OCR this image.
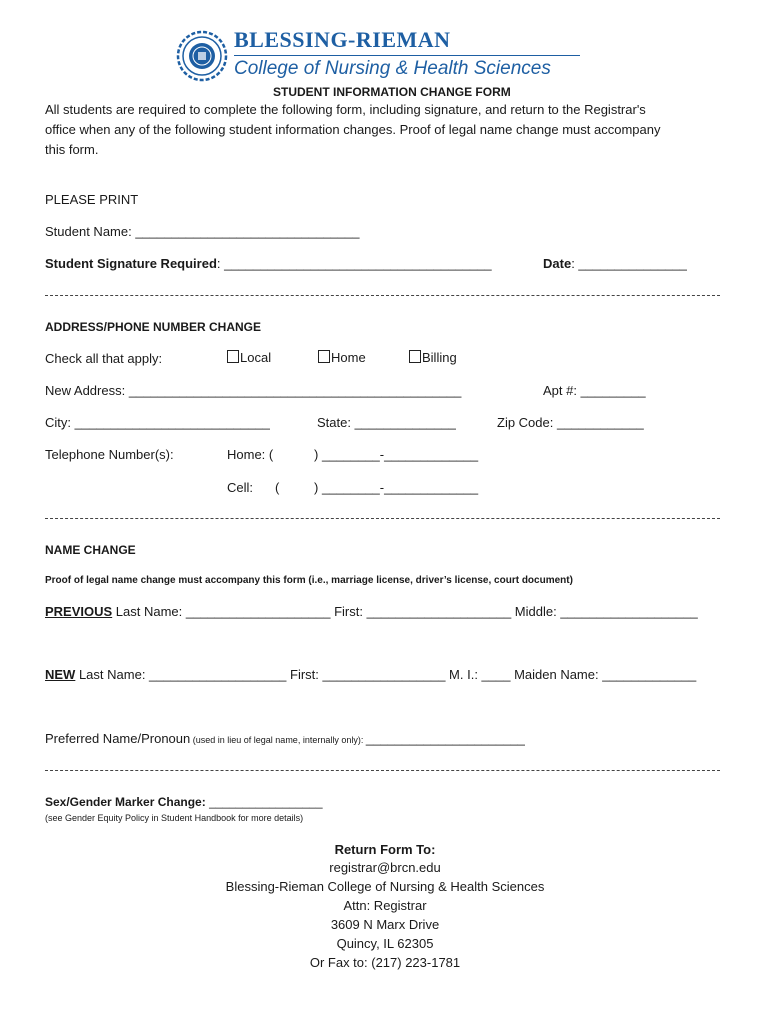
BLESSING-RIEMAN
College of Nursing & Health Sciences
STUDENT INFORMATION CHANGE FORM
All students are required to complete the following form, including signature, and return to the Registrar's
office when any of the following student information changes. Proof of legal name change must accompany
this form.
PLEASE PRINT
Student Name: _______________________________
Student Signature Required: _____________________________________	Date: _______________
ADDRESS/PHONE NUMBER CHANGE
Check all that apply:	Local	Home	Billing
New Address: ______________________________________________	Apt #: _________
City: ___________________________	State: ______________	Zip Code: ____________
Telephone Number(s):	Home: (	) ________-_____________
Cell: (	) ________-_____________
NAME CHANGE
Proof of legal name change must accompany this form (i.e., marriage license, driver’s license, court document)
PREVIOUS Last Name: ____________________ First: ____________________ Middle: ___________________
NEW Last Name: ___________________ First: _________________ M. I.: ____ Maiden Name: _____________
Preferred Name/Pronoun (used in lieu of legal name, internally only): ______________________
Sex/Gender Marker Change: _________________
(see Gender Equity Policy in Student Handbook for more details)
Return Form To:
registrar@brcn.edu
Blessing-Rieman College of Nursing & Health Sciences
Attn: Registrar
3609 N Marx Drive
Quincy, IL 62305
Or Fax to: (217) 223-1781
